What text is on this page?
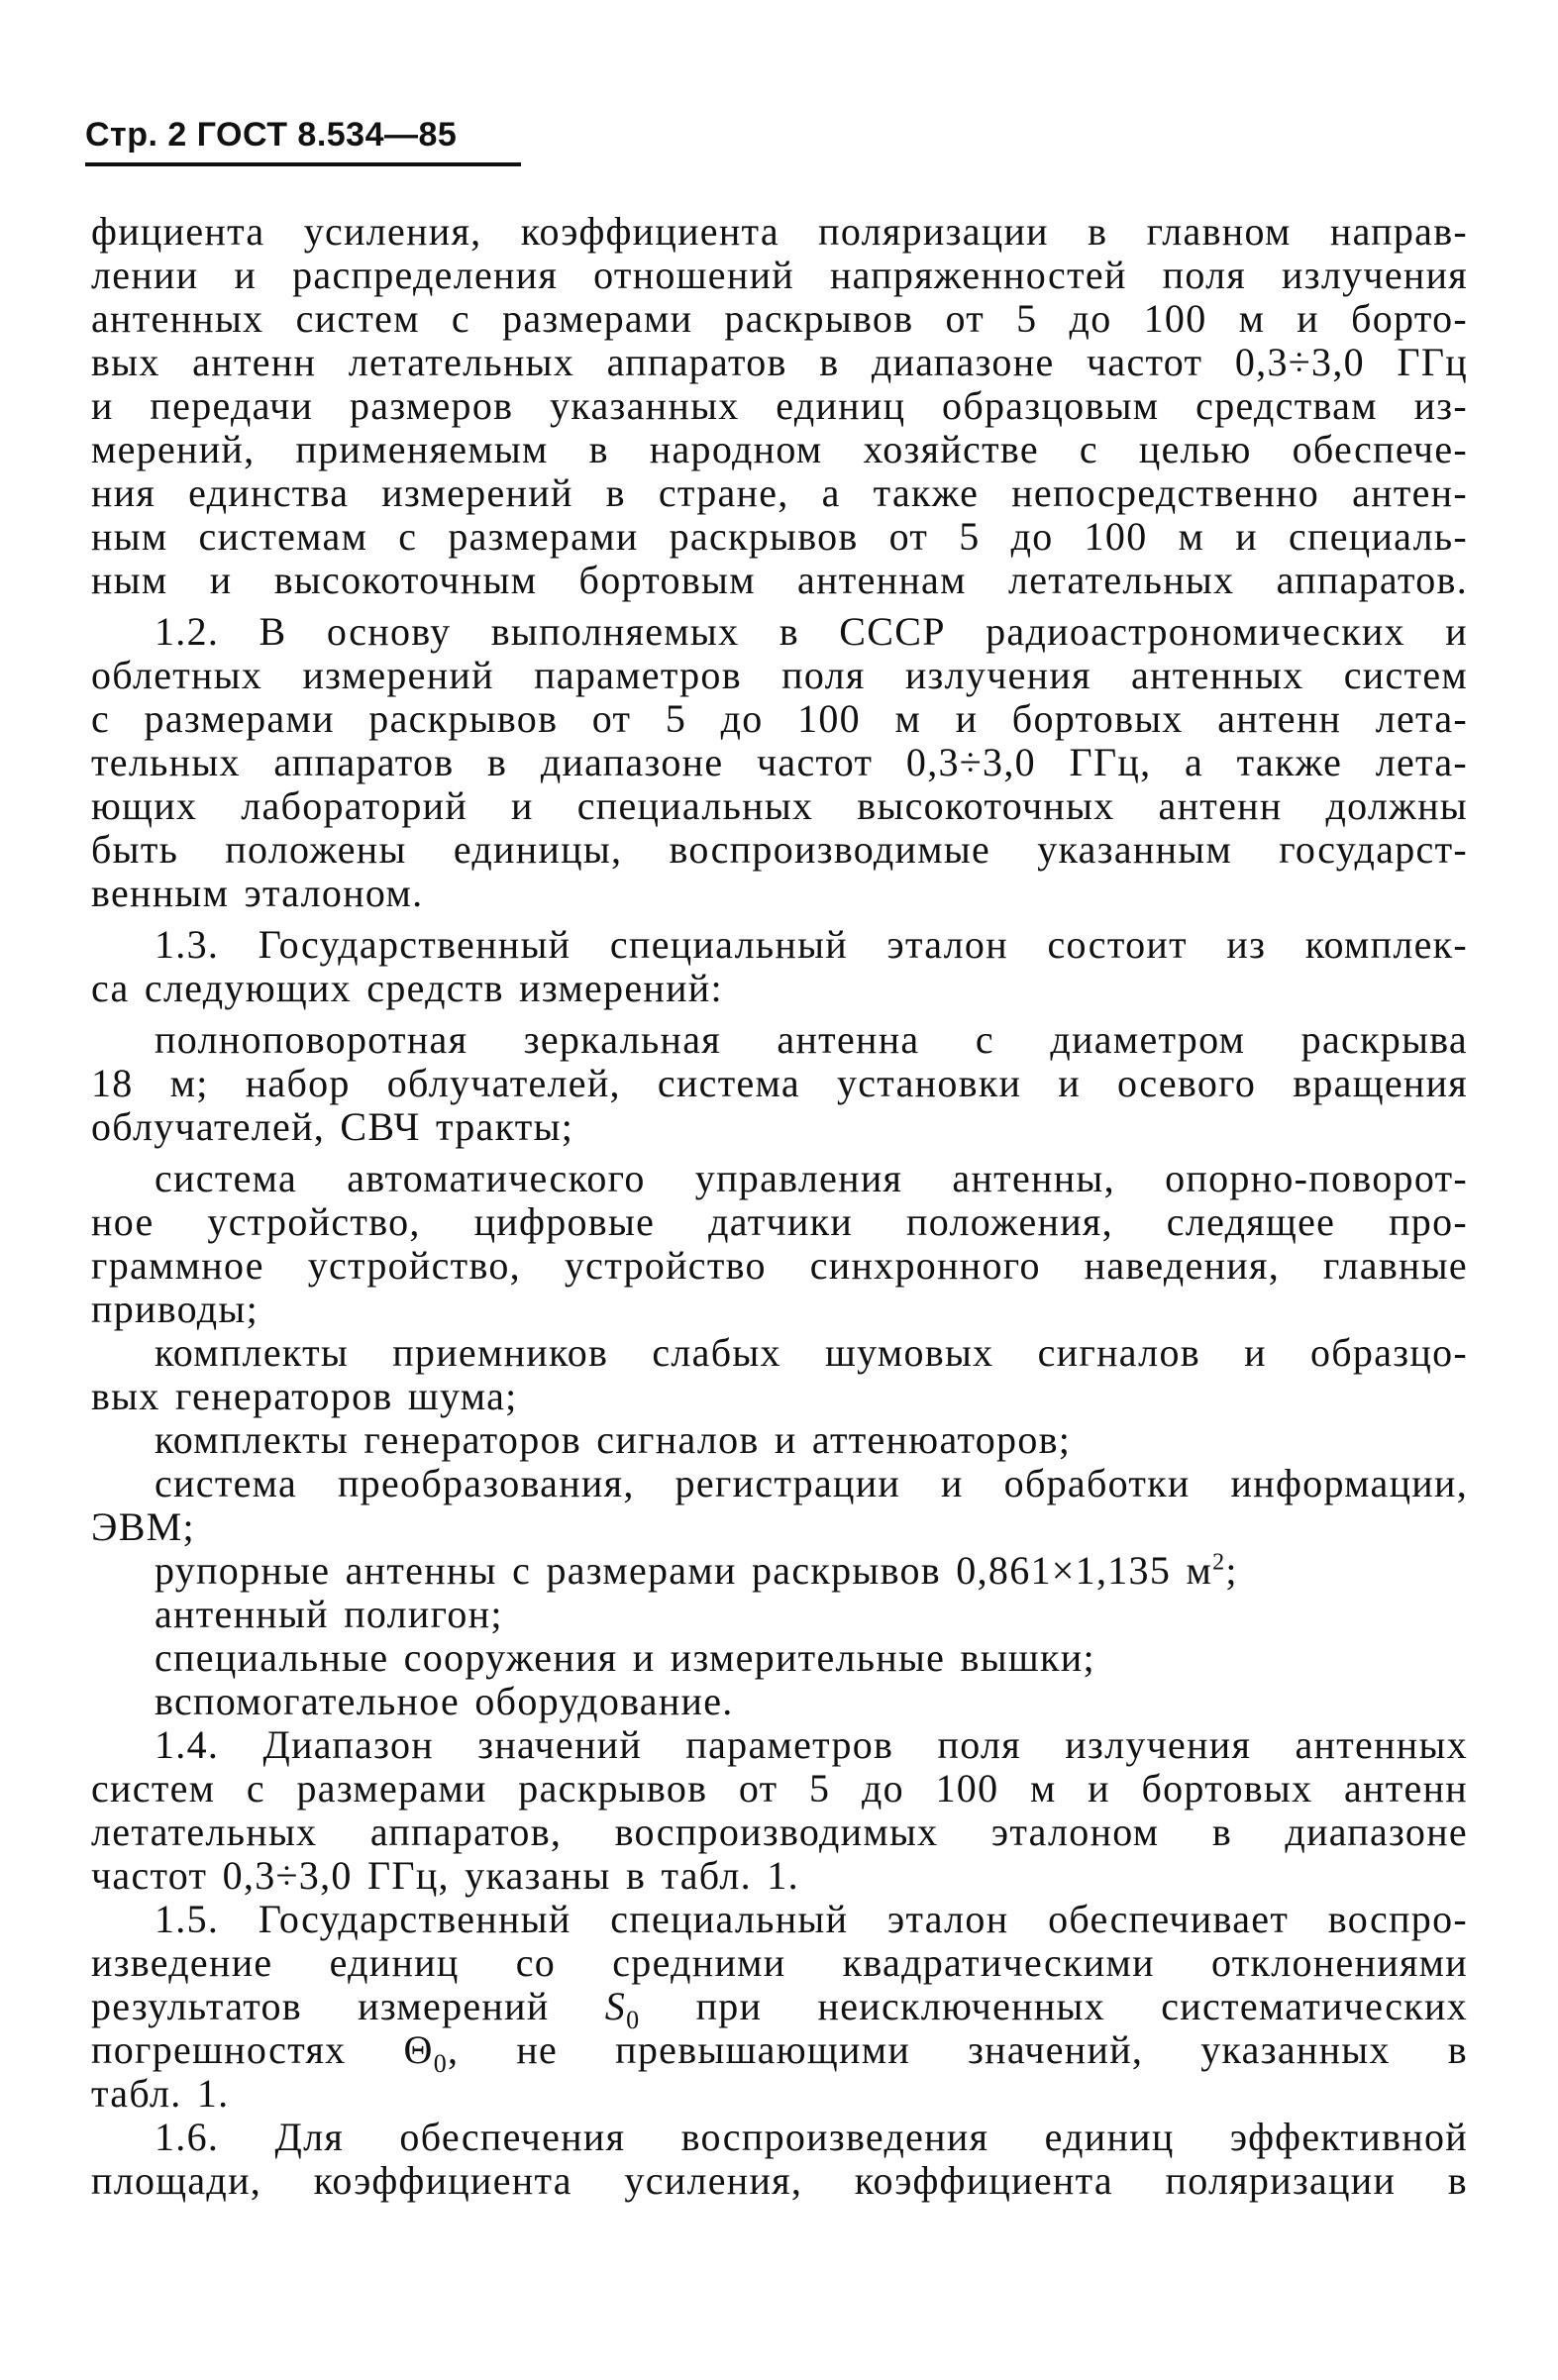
Стр. 2 ГОСТ 8.534—85

фициента усиления, коэффициента поляризации в главном направ-

лении и распределения отношений напряженностей поля излучения

антенных систем с размерами раскрывов от 5 до 100 м и борто-

вых антенн летательных аппаратов в диапазоне частот 0,3÷3,0 ГГц

и передачи размеров указанных единиц образцовым средствам из-

мерений, применяемым в народном хозяйстве с целью обеспече-

ния единства измерений в стране, а также непосредственно антен-

ным системам с размерами раскрывов от 5 до 100 м и специаль-

ным и высокоточным бортовым антеннам летательных аппаратов.

1.2. В основу выполняемых в СССР радиоастрономических и

облетных измерений параметров поля излучения антенных систем

с размерами раскрывов от 5 до 100 м и бортовых антенн лета-

тельных аппаратов в диапазоне частот 0,3÷3,0 ГГц, а также лета-

ющих лабораторий и специальных высокоточных антенн должны

быть положены единицы, воспроизводимые указанным государст-

венным эталоном.

1.3. Государственный специальный эталон состоит из комплек-

са следующих средств измерений:

полноповоротная зеркальная антенна с диаметром раскрыва

18 м; набор облучателей, система установки и осевого вращения

облучателей, СВЧ тракты;

система автоматического управления антенны, опорно-поворот-

ное устройство, цифровые датчики положения, следящее про-

граммное устройство, устройство синхронного наведения, главные

приводы;

комплекты приемников слабых шумовых сигналов и образцо-

вых генераторов шума;

комплекты генераторов сигналов и аттенюаторов;

система преобразования, регистрации и обработки информации,

ЭВМ;

рупорные антенны с размерами раскрывов 0,861×1,135 $м^2$;

антенный полигон;

специальные сооружения и измерительные вышки;

вспомогательное оборудование.

1.4. Диапазон значений параметров поля излучения антенных

систем с размерами раскрывов от 5 до 100 м и бортовых антенн

летательных аппаратов, воспроизводимых эталоном в диапазоне

частот 0,3÷3,0 ГГц, указаны в табл. 1.

1.5. Государственный специальный эталон обеспечивает воспро-

изведение единиц со средними квадратическими отклонениями

результатов измерений $S_0$ при неисключенных систематических

погрешностях $\Theta_0$, не превышающими значений, указанных в

табл. 1.

1.6. Для обеспечения воспроизведения единиц эффективной

площади, коэффициента усиления, коэффициента поляризации в
